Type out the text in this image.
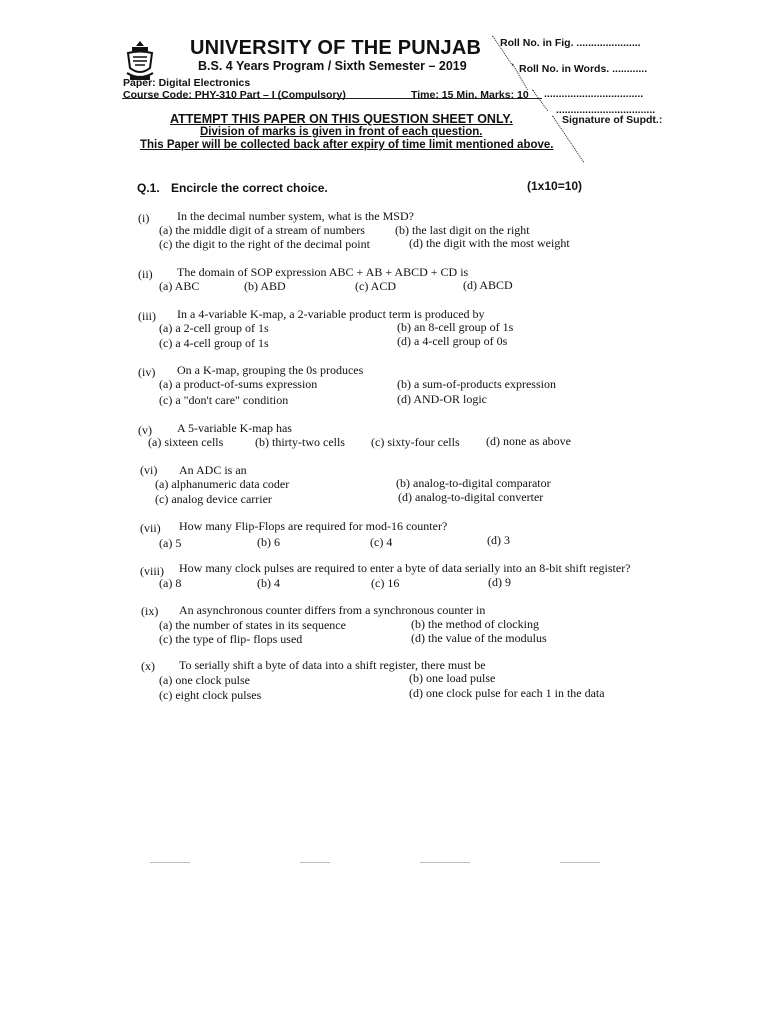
UNIVERSITY OF THE PUNJAB
B.S. 4 Years Program / Sixth Semester – 2019
Paper: Digital Electronics
Course Code: PHY-310 Part – I (Compulsory)	Time: 15 Min. Marks: 10
Roll No. in Fig. ......................
Roll No. in Words. ............
..................................
..................................
Signature of Supdt.:
ATTEMPT THIS PAPER ON THIS QUESTION SHEET ONLY.
Division of marks is given in front of each question.
This Paper will be collected back after expiry of time limit mentioned above.
Q.1. Encircle the correct choice.	(1x10=10)
(i) In the decimal number system, what is the MSD?
(a) the middle digit of a stream of numbers	(b) the last digit on the right
(c) the digit to the right of the decimal point	(d) the digit with the most weight
(ii) The domain of SOP expression ABC + AB + ABCD + CD is
(a) ABC	(b) ABD	(c) ACD	(d) ABCD
(iii) In a 4-variable K-map, a 2-variable product term is produced by
(a) a 2-cell group of 1s	(b) an 8-cell group of 1s
(c) a 4-cell group of 1s	(d) a 4-cell group of 0s
(iv) On a K-map, grouping the 0s produces
(a) a product-of-sums expression	(b) a sum-of-products expression
(c) a "don't care" condition	(d) AND-OR logic
(v) A 5-variable K-map has
(a) sixteen cells	(b) thirty-two cells (c) sixty-four cells (d) none as above
(vi) An ADC is an
(a) alphanumeric data coder	(b) analog-to-digital comparator
(c) analog device carrier	(d) analog-to-digital converter
(vii) How many Flip-Flops are required for mod-16 counter?
(a) 5	(b) 6	(c) 4	(d) 3
(viii) How many clock pulses are required to enter a byte of data serially into an 8-bit shift register?
(a) 8	(b) 4	(c) 16	(d) 9
(ix) An asynchronous counter differs from a synchronous counter in
(a) the number of states in its sequence	(b) the method of clocking
(c) the type of flip- flops used	(d) the value of the modulus
(x) To serially shift a byte of data into a shift register, there must be
(a) one clock pulse	(b) one load pulse
(c) eight clock pulses	(d) one clock pulse for each 1 in the data
